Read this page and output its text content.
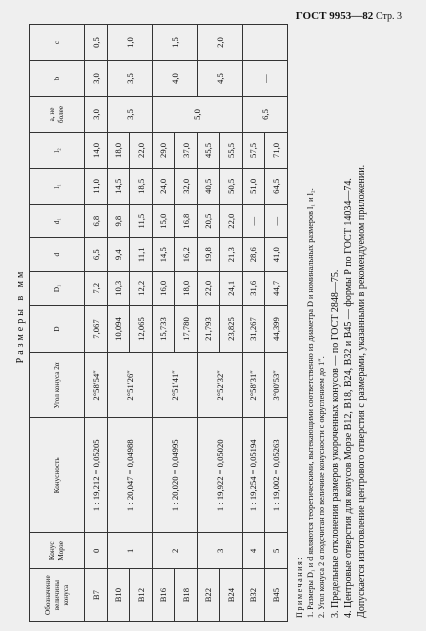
ГОСТ 9953—82 Стр. 3
Размеры в мм
Обозначение величины конуса	Конус Морзе	Конусность	Угол конуса 2α	D	D₁	d	d₁	l₁	l₂	a, не более	b	c
B7	0	1 : 19,212 = 0,05205	2°58′54″	7,067	7,2	6,5	6,8	11,0	14,0	3,0	3,0	0,5
B10	1	1 : 20,047 = 0,04988	2°51′26″	10,094	10,3	9,4	9,8	14,5	18,0	3,5	3,5	1,0
B12				12,065	12,2	11,1	11,5	18,5	22,0			
B16	2	1 : 20,020 = 0,04995	2°51′41″	15,733	16,0	14,5	15,0	24,0	29,0	5,0	4,0	1,5
B18				17,780	18,0	16,2	16,8	32,0	37,0			
B22	3	1 : 19,922 = 0,05020	2°52′32″	21,793	22,0	19,8	20,5	40,5	45,5		4,5	2,0
B24				23,825	24,1	21,3	22,0	50,5	55,5			
B32	4	1 : 19,254 = 0,05194	2°58′31″	31,267	31,6	28,6	—	51,0	57,5	6,5	—	
B45	5	1 : 19,002 = 0,05263	3°00′53″	44,399	44,7	41,0	—	64,5	71,0			

Примечания: 1. Размеры D₁ и d являются теоретическими, вытекающими соответственно из диаметра D и номинальных размеров l₁ и l₂. 2. Угол конуса 2 α подсчитан по величине конусности с округлением до 1″. 3. Предельные отклонения размеров укороченных конусов — по ГОСТ 2848—75. 4. Центровые отверстия для конусов Морзе В12, В18, В24, В32 и В45 — формы Р по ГОСТ 14034—74. Допускается изготовление центрового отверстия с размерами, указанными в рекомендуемом приложении.
